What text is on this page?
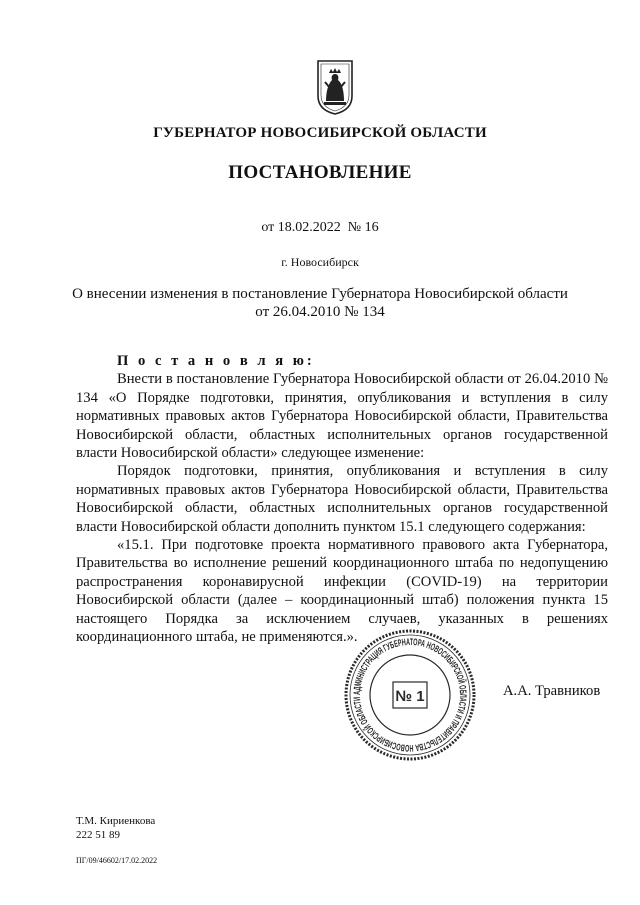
ГУБЕРНАТОР НОВОСИБИРСКОЙ ОБЛАСТИ
ПОСТАНОВЛЕНИЕ
от 18.02.2022  № 16
г. Новосибирск
О внесении изменения в постановление Губернатора Новосибирской области
от 26.04.2010 № 134

П о с т а н о в л я ю:

Внести в постановление Губернатора Новосибирской области от 26.04.2010 № 134 «О Порядке подготовки, принятия, опубликования и вступления в силу нормативных правовых актов Губернатора Новосибирской области, Правительства Новосибирской области, областных исполнительных органов государственной власти Новосибирской области» следующее изменение:

Порядок подготовки, принятия, опубликования и вступления в силу нормативных правовых актов Губернатора Новосибирской области, Правительства Новосибирской области, областных исполнительных органов государственной власти Новосибирской области дополнить пунктом 15.1 следующего содержания:

«15.1. При подготовке проекта нормативного правового акта Губернатора, Правительства во исполнение решений координационного штаба по недопущению распространения коронавирусной инфекции (COVID-19) на территории Новосибирской области (далее – координационный штаб) положения пункта 15 настоящего Порядка за исключением случаев, указанных в решениях координационного штаба, не применяются.».

АДМИНИСТРАЦИЯ ГУБЕРНАТОРА НОВОСИБИРСКОЙ ОБЛАСТИ И ПРАВИТЕЛЬСТВА НОВОСИБИРСКОЙ ОБЛАСТИ	№ 1	А.А. Травников
Т.М. Кириенкова
222 51 89
ПГ/09/46602/17.02.2022
